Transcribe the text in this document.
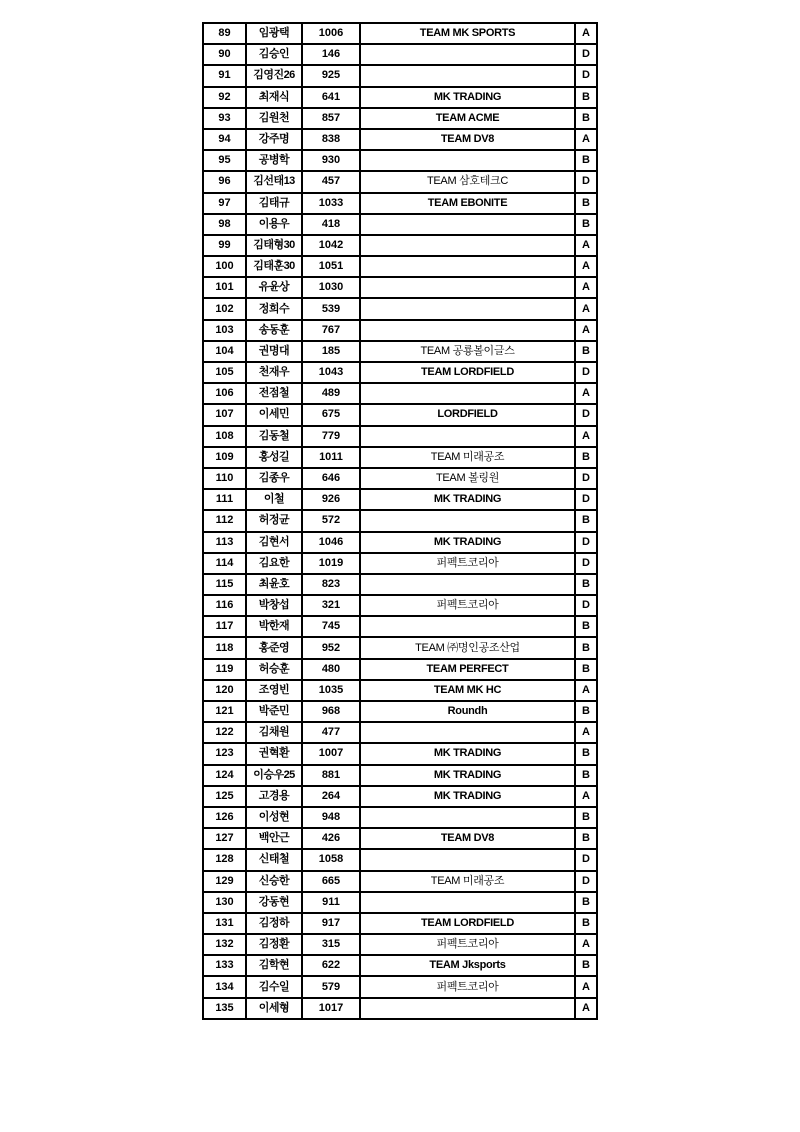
89	임광택	1006	TEAM MK SPORTS	A
90	김승인	146		D
91	김영진26	925		D
92	최재식	641	MK TRADING	B
93	김원천	857	TEAM ACME	B
94	강주명	838	TEAM DV8	A
95	공병학	930		B
96	김선태13	457	TEAM 삼호테크C	D
97	김태규	1033	TEAM EBONITE	B
98	이용우	418		B
99	김태형30	1042		A
100	김태훈30	1051		A
101	유윤상	1030		A
102	정희수	539		A
103	송동훈	767		A
104	권명대	185	TEAM 공룡볼이글스	B
105	천재우	1043	TEAM LORDFIELD	D
106	전점철	489		A
107	이세민	675	LORDFIELD	D
108	김동철	779		A
109	홍성길	1011	TEAM 미래공조	B
110	김종우	646	TEAM 볼링원	D
111	이철	926	MK TRADING	D
112	허정균	572		B
113	김현서	1046	MK TRADING	D
114	김요한	1019	퍼펙트코리아	D
115	최윤호	823		B
116	박창섭	321	퍼펙트코리아	D
117	박한재	745		B
118	홍준영	952	TEAM ㈜명인공조산업	B
119	허승훈	480	TEAM PERFECT	B
120	조영빈	1035	TEAM MK HC	A
121	박준민	968	Roundh	B
122	김채원	477		A
123	권혁환	1007	MK TRADING	B
124	이승우25	881	MK TRADING	B
125	고경용	264	MK TRADING	A
126	이성현	948		B
127	백안근	426	TEAM DV8	B
128	신태철	1058		D
129	신승한	665	TEAM 미래공조	D
130	강동현	911		B
131	김정하	917	TEAM LORDFIELD	B
132	김정환	315	퍼펙트코리아	A
133	김학현	622	TEAM Jksports	B
134	김수일	579	퍼펙트코리아	A
135	이세형	1017		A
